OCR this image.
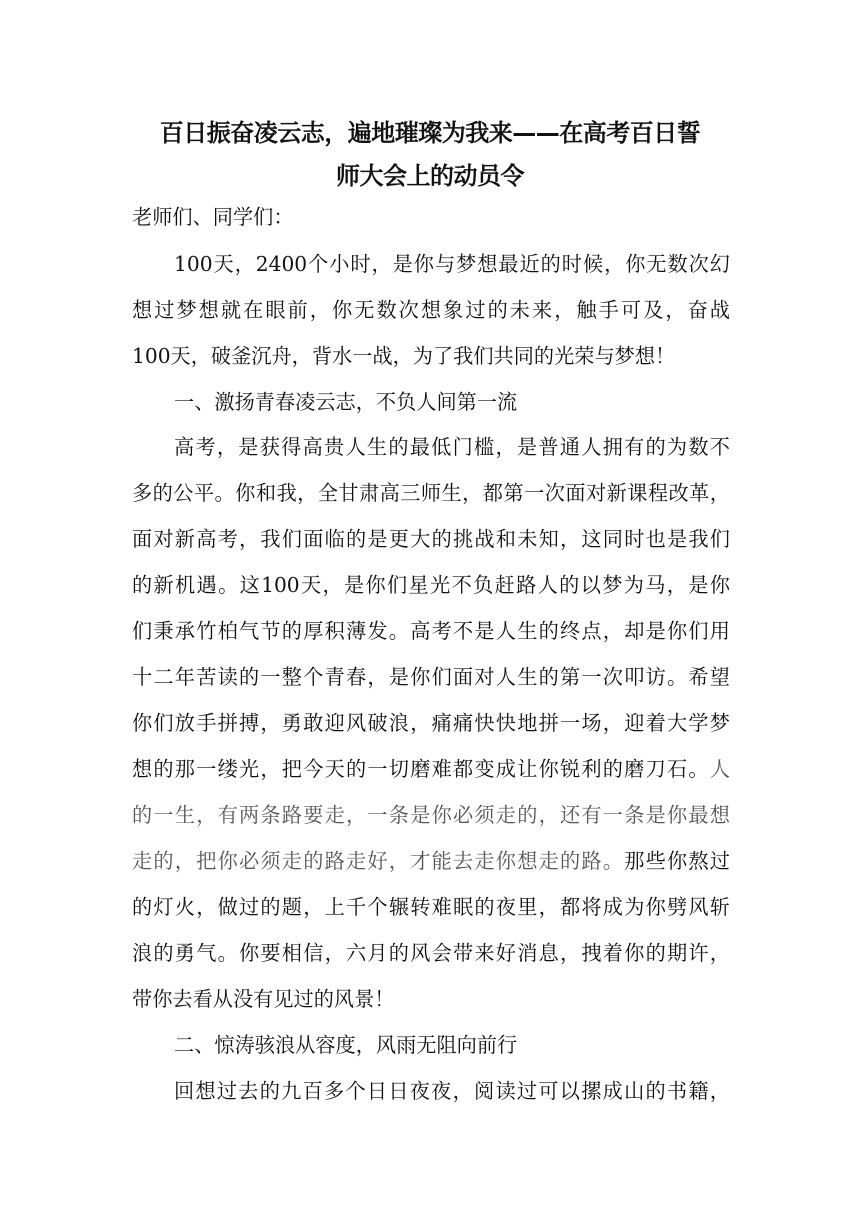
百日振奋凌云志，遍地璀璨为我来——在高考百日誓
师大会上的动员令
老师们、同学们：
100天，2400个小时，是你与梦想最近的时候，你无数次幻
想过梦想就在眼前，你无数次想象过的未来，触手可及，奋战
100天，破釜沉舟，背水一战，为了我们共同的光荣与梦想！
一、激扬青春凌云志，不负人间第一流
高考，是获得高贵人生的最低门槛，是普通人拥有的为数不
多的公平。你和我，全甘肃高三师生，都第一次面对新课程改革，
面对新高考，我们面临的是更大的挑战和未知，这同时也是我们
的新机遇。这100天，是你们星光不负赶路人的以梦为马，是你
们秉承竹柏气节的厚积薄发。高考不是人生的终点，却是你们用
十二年苦读的一整个青春，是你们面对人生的第一次叩访。希望
你们放手拼搏，勇敢迎风破浪，痛痛快快地拼一场，迎着大学梦
想的那一缕光，把今天的一切磨难都变成让你锐利的磨刀石。人
的一生，有两条路要走，一条是你必须走的，还有一条是你最想
走的，把你必须走的路走好，才能去走你想走的路。那些你熬过
的灯火，做过的题，上千个辗转难眠的夜里，都将成为你劈风斩
浪的勇气。你要相信，六月的风会带来好消息，拽着你的期许，
带你去看从没有见过的风景！
二、惊涛骇浪从容度，风雨无阻向前行
回想过去的九百多个日日夜夜，阅读过可以摞成山的书籍，
